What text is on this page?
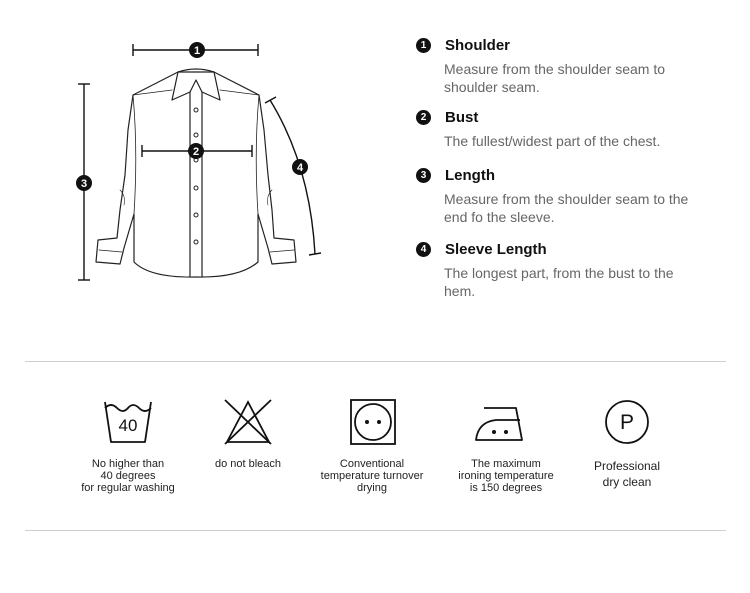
1
2
3
4
1	Shoulder
Measure from the shoulder seam to shoulder seam.
2	Bust
The fullest/widest part of the chest.
3	Length
Measure from the shoulder seam to the end fo the sleeve.
4	Sleeve Length
The longest part, from the bust to the hem.
40
No higher than
40 degrees
for regular washing
do not bleach	Conventional
temperature turnover
drying
The maximum
ironing temperature
is 150 degrees
P
Professional
dry clean
